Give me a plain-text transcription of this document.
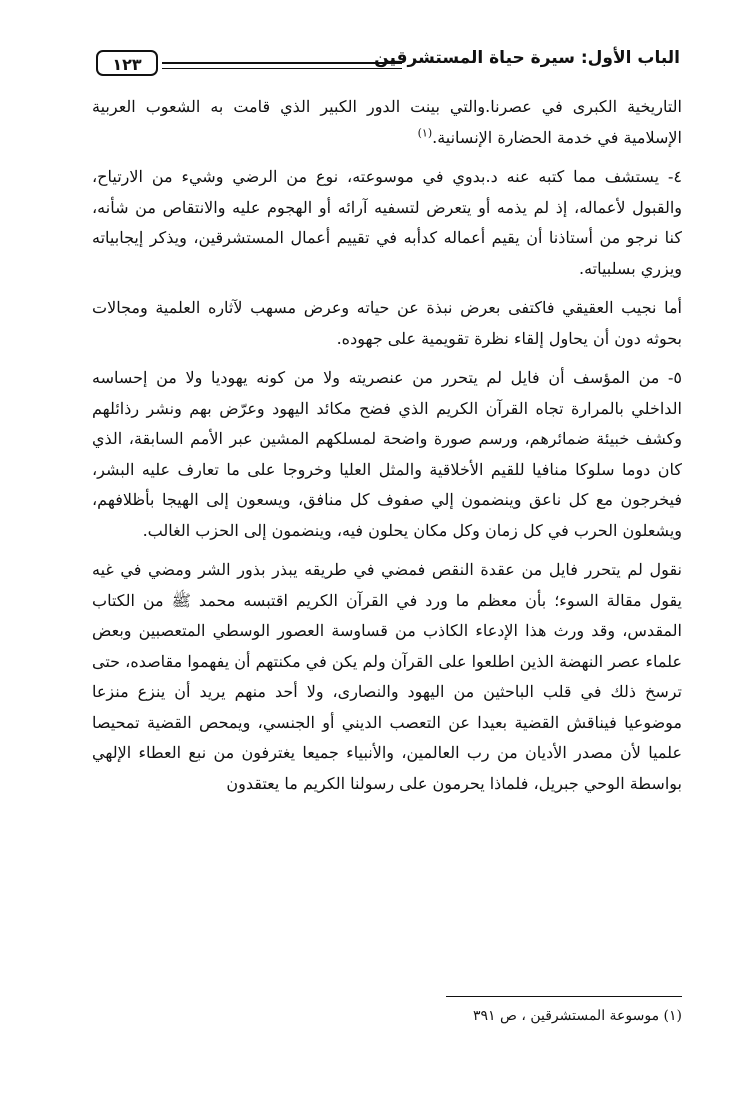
الباب الأول: سيرة حياة المستشرقين
١٢٣

التاريخية الكبرى في عصرنا.والتي بينت الدور الكبير الذي قامت به الشعوب العربية الإسلامية في خدمة الحضارة الإنسانية.$^{(١)}$

٤- يستشف مما كتبه عنه د.بدوي في موسوعته، نوع من الرضي وشيء من الارتياح، والقبول لأعماله، إذ لم يذمه أو يتعرض لتسفيه آرائه أو الهجوم عليه والانتقاص من شأنه، كنا نرجو من أستاذنا أن يقيم أعماله كدأبه في تقييم أعمال المستشرقين، ويذكر إيجابياته ويزري بسلبياته.

أما نجيب العقيقي فاكتفى بعرض نبذة عن حياته وعرض مسهب لآثاره العلمية ومجالات بحوثه دون أن يحاول إلقاء نظرة تقويمية على جهوده.

٥- من المؤسف أن فايل لم يتحرر من عنصريته ولا من كونه يهوديا ولا من إحساسه الداخلي بالمرارة تجاه القرآن الكريم الذي فضح مكائد اليهود وعرّض بهم ونشر رذائلهم وكشف خبيئة ضمائرهم، ورسم صورة واضحة لمسلكهم المشين عبر الأمم السابقة، الذي كان دوما سلوكا منافيا للقيم الأخلاقية والمثل العليا وخروجا على ما تعارف عليه البشر، فيخرجون مع كل ناعق وينضمون إلي صفوف كل منافق، ويسعون إلى الهيجا بأظلافهم، ويشعلون الحرب في كل زمان وكل مكان يحلون فيه، وينضمون إلى الحزب الغالب.

نقول لم يتحرر فايل من عقدة النقص فمضي في طريقه يبذر بذور الشر ومضي في غيه يقول مقالة السوء؛ بأن معظم ما ورد في القرآن الكريم اقتبسه محمد ﷺ من الكتاب المقدس، وقد ورث هذا الإدعاء الكاذب من قساوسة العصور الوسطي المتعصبين وبعض علماء عصر النهضة الذين اطلعوا على القرآن ولم يكن في مكنتهم أن يفهموا مقاصده، حتى ترسخ ذلك في قلب الباحثين من اليهود والنصارى، ولا أحد منهم يريد أن ينزع منزعا موضوعيا فيناقش القضية بعيدا عن التعصب الديني أو الجنسي، ويمحص القضية تمحيصا علميا لأن مصدر الأديان من رب العالمين، والأنبياء جميعا يغترفون من نبع العطاء الإلهي بواسطة الوحي جبريل، فلماذا يحرمون على رسولنا الكريم ما يعتقدون

(١) موسوعة المستشرقين ، ص ٣٩١
